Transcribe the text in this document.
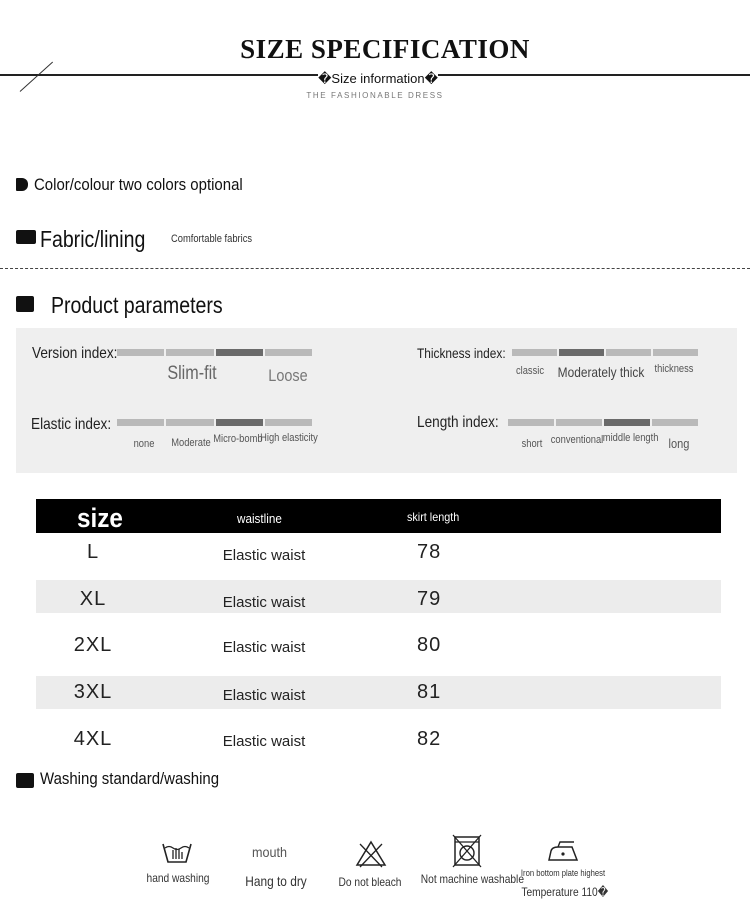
SIZE SPECIFICATION
�Size information�
THE FASHIONABLE DRESS
Color/colour two colors optional
Fabric/lining Comfortable fabrics
Product parameters
Version index:
Slim-fit	Loose
Thickness index:
classic Moderately thick thickness
Elastic index:
none	Moderate Micro-bomb
High elasticity
Length index:
short conventional middle length long
size	waistline	skirt length
L	Elastic waist	78
XL	Elastic waist	79
2XL	Elastic waist	80
3XL	Elastic waist	81
4XL	Elastic waist	82
Washing standard/washing
hand washing
mouth
Hang to dry	Do not bleach Not machine washable
Iron bottom plate highest
Temperature 110�
